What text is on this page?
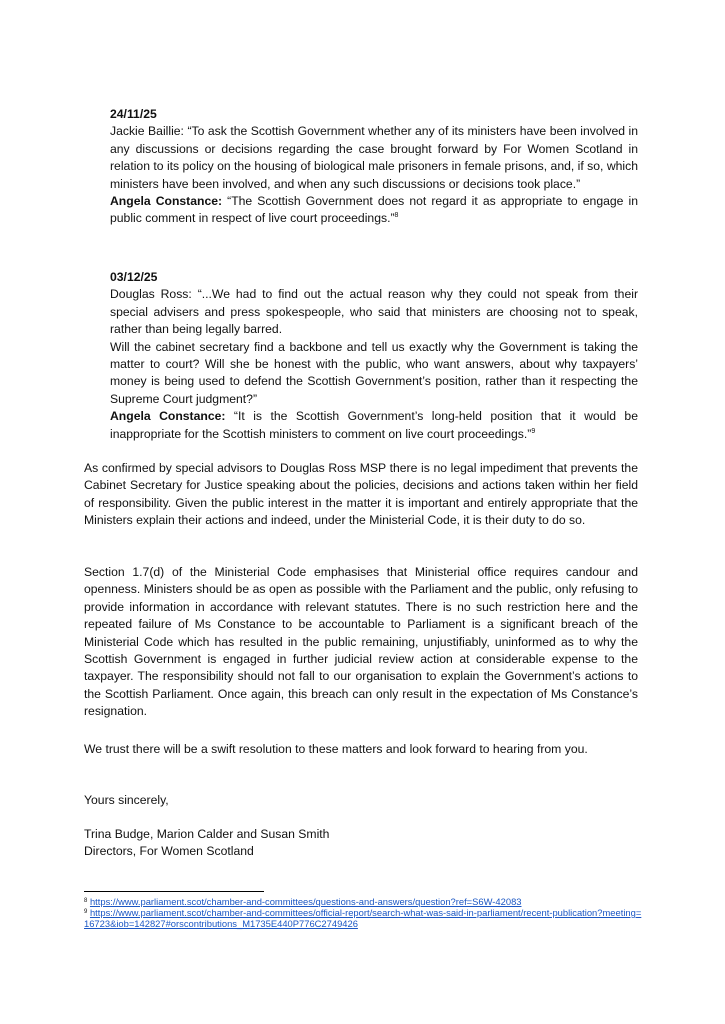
24/11/25

Jackie Baillie: “To ask the Scottish Government whether any of its ministers have been involved in any discussions or decisions regarding the case brought forward by For Women Scotland in relation to its policy on the housing of biological male prisoners in female prisons, and, if so, which ministers have been involved, and when any such discussions or decisions took place.”

Angela Constance: “The Scottish Government does not regard it as appropriate to engage in public comment in respect of live court proceedings.”$^8$

03/12/25

Douglas Ross: “...We had to find out the actual reason why they could not speak from their special advisers and press spokespeople, who said that ministers are choosing not to speak, rather than being legally barred.

Will the cabinet secretary find a backbone and tell us exactly why the Government is taking the matter to court? Will she be honest with the public, who want answers, about why taxpayers’ money is being used to defend the Scottish Government’s position, rather than it respecting the Supreme Court judgment?”

Angela Constance: “It is the Scottish Government’s long-held position that it would be inappropriate for the Scottish ministers to comment on live court proceedings.”$^9$

As confirmed by special advisors to Douglas Ross MSP there is no legal impediment that prevents the Cabinet Secretary for Justice speaking about the policies, decisions and actions taken within her field of responsibility. Given the public interest in the matter it is important and entirely appropriate that the Ministers explain their actions and indeed, under the Ministerial Code, it is their duty to do so.
Section 1.7(d) of the Ministerial Code emphasises that Ministerial office requires candour and openness. Ministers should be as open as possible with the Parliament and the public, only refusing to provide information in accordance with relevant statutes. There is no such restriction here and the repeated failure of Ms Constance to be accountable to Parliament is a significant breach of the Ministerial Code which has resulted in the public remaining, unjustifiably, uninformed as to why the Scottish Government is engaged in further judicial review action at considerable expense to the taxpayer. The responsibility should not fall to our organisation to explain the Government’s actions to the Scottish Parliament. Once again, this breach can only result in the expectation of Ms Constance’s resignation.
We trust there will be a swift resolution to these matters and look forward to hearing from you.
Yours sincerely,
Trina Budge, Marion Calder and Susan Smith
Directors, For Women Scotland

$^8$ https://www.parliament.scot/chamber-and-committees/questions-and-answers/question?ref=S6W-42083

$^9$ https://www.parliament.scot/chamber-and-committees/official-report/search-what-was-said-in-parliament/recent-publication?meeting=16723&iob=142827#orscontributions_M1735E440P776C2749426
